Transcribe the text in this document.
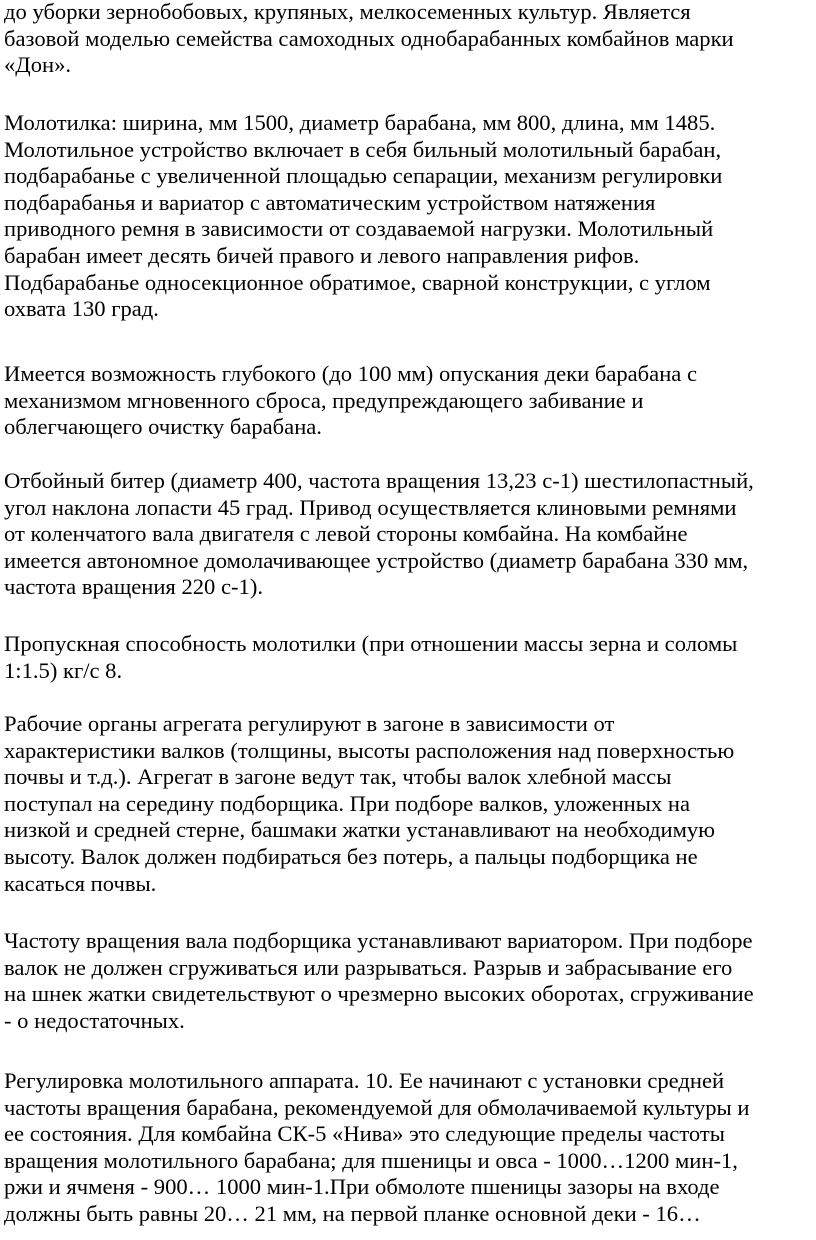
до уборки зернобобовых, крупяных, мелкосеменных культур. Является
базовой моделью семейства самоходных однобарабанных комбайнов марки
«Дон».
Молотилка: ширина, мм 1500, диаметр барабана, мм 800, длина, мм 1485.
Молотильное устройство включает в себя бильный молотильный барабан,
подбарабанье с увеличенной площадью сепарации, механизм регулировки
подбарабанья и вариатор с автоматическим устройством натяжения
приводного ремня в зависимости от создаваемой нагрузки. Молотильный
барабан имеет десять бичей правого и левого направления рифов.
Подбарабанье односекционное обратимое, сварной конструкции, с углом
охвата 130 град.
Имеется возможность глубокого (до 100 мм) опускания деки барабана с
механизмом мгновенного сброса, предупреждающего забивание и
облегчающего очистку барабана.
Отбойный битер (диаметр 400, частота вращения 13,23 с-1) шестилопастный,
угол наклона лопасти 45 град. Привод осуществляется клиновыми ремнями
от коленчатого вала двигателя с левой стороны комбайна. На комбайне
имеется автономное домолачивающее устройство (диаметр барабана 330 мм,
частота вращения 220 с-1).
Пропускная способность молотилки (при отношении массы зерна и соломы
1:1.5) кг/с 8.
Рабочие органы агрегата регулируют в загоне в зависимости от
характеристики валков (толщины, высоты расположения над поверхностью
почвы и т.д.). Агрегат в загоне ведут так, чтобы валок хлебной массы
поступал на середину подборщика. При подборе валков, уложенных на
низкой и средней стерне, башмаки жатки устанавливают на необходимую
высоту. Валок должен подбираться без потерь, а пальцы подборщика не
касаться почвы.
Частоту вращения вала подборщика устанавливают вариатором. При подборе
валок не должен сгруживаться или разрываться. Разрыв и забрасывание его
на шнек жатки свидетельствуют о чрезмерно высоких оборотах, сгруживание
- о недостаточных.
Регулировка молотильного аппарата. 10. Ее начинают с установки средней
частоты вращения барабана, рекомендуемой для обмолачиваемой культуры и
ее состояния. Для комбайна СК-5 «Нива» это следующие пределы частоты
вращения молотильного барабана; для пшеницы и овса - 1000…1200 мин-1,
ржи и ячменя - 900… 1000 мин-1.При обмолоте пшеницы зазоры на входе
должны быть равны 20… 21 мм, на первой планке основной деки - 16…
